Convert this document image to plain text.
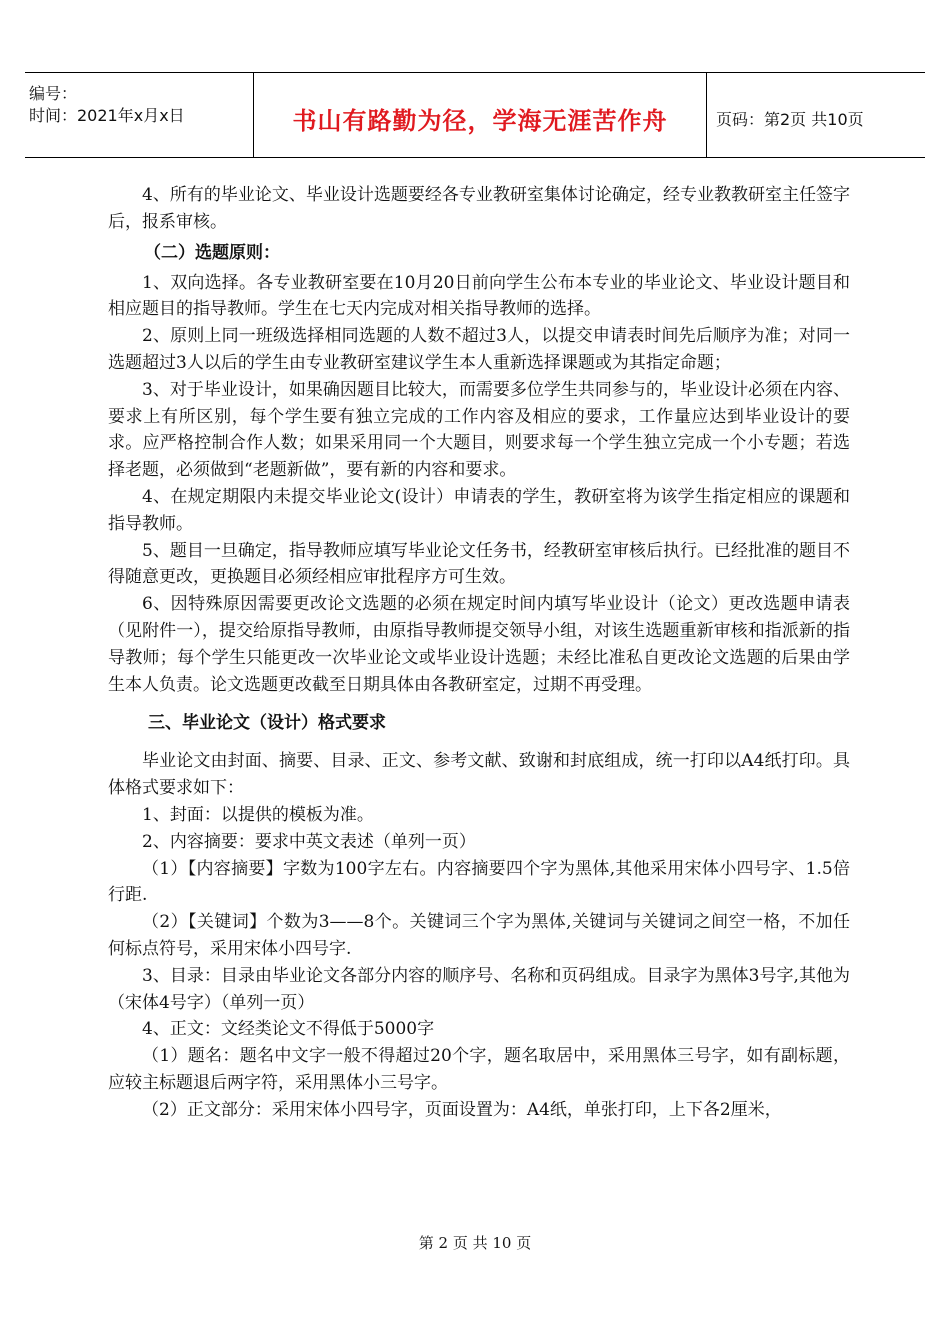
编号：
时间：2021年x月x日	书山有路勤为径，学海无涯苦作舟	页码：第2页 共10页

4、所有的毕业论文、毕业设计选题要经各专业教研室集体讨论确定，经专业教教研室主任签字后，报系审核。

（二）选题原则：

1、双向选择。各专业教研室要在10月20日前向学生公布本专业的毕业论文、毕业设计题目和相应题目的指导教师。学生在七天内完成对相关指导教师的选择。

2、原则上同一班级选择相同选题的人数不超过3人，以提交申请表时间先后顺序为准；对同一选题超过3人以后的学生由专业教研室建议学生本人重新选择课题或为其指定命题；

3、对于毕业设计，如果确因题目比较大，而需要多位学生共同参与的，毕业设计必须在内容、要求上有所区别，每个学生要有独立完成的工作内容及相应的要求，工作量应达到毕业设计的要求。应严格控制合作人数；如果采用同一个大题目，则要求每一个学生独立完成一个小专题；若选择老题，必须做到“老题新做”，要有新的内容和要求。

4、在规定期限内未提交毕业论文(设计）申请表的学生，教研室将为该学生指定相应的课题和指导教师。

5、题目一旦确定，指导教师应填写毕业论文任务书，经教研室审核后执行。已经批准的题目不得随意更改，更换题目必须经相应审批程序方可生效。

6、因特殊原因需要更改论文选题的必须在规定时间内填写毕业设计（论文）更改选题申请表（见附件一），提交给原指导教师，由原指导教师提交领导小组，对该生选题重新审核和指派新的指导教师；每个学生只能更改一次毕业论文或毕业设计选题；未经比准私自更改论文选题的后果由学生本人负责。论文选题更改截至日期具体由各教研室定，过期不再受理。

三、毕业论文（设计）格式要求

毕业论文由封面、摘要、目录、正文、参考文献、致谢和封底组成，统一打印以A4纸打印。具体格式要求如下：

1、封面：以提供的模板为准。

2、内容摘要：要求中英文表述（单列一页）

（1）【内容摘要】字数为100字左右。内容摘要四个字为黑体,其他采用宋体小四号字、1.5倍行距.

（2）【关键词】个数为3——8个。关键词三个字为黑体,关键词与关键词之间空一格，不加任何标点符号，采用宋体小四号字.

3、目录：目录由毕业论文各部分内容的顺序号、名称和页码组成。目录字为黑体3号字,其他为（宋体4号字）（单列一页）

4、正文：文经类论文不得低于5000字

（1）题名：题名中文字一般不得超过20个字，题名取居中，采用黑体三号字，如有副标题，应较主标题退后两字符，采用黑体小三号字。

（2）正文部分：采用宋体小四号字，页面设置为：A4纸，单张打印，上下各2厘米，

第 2 页 共 10 页
